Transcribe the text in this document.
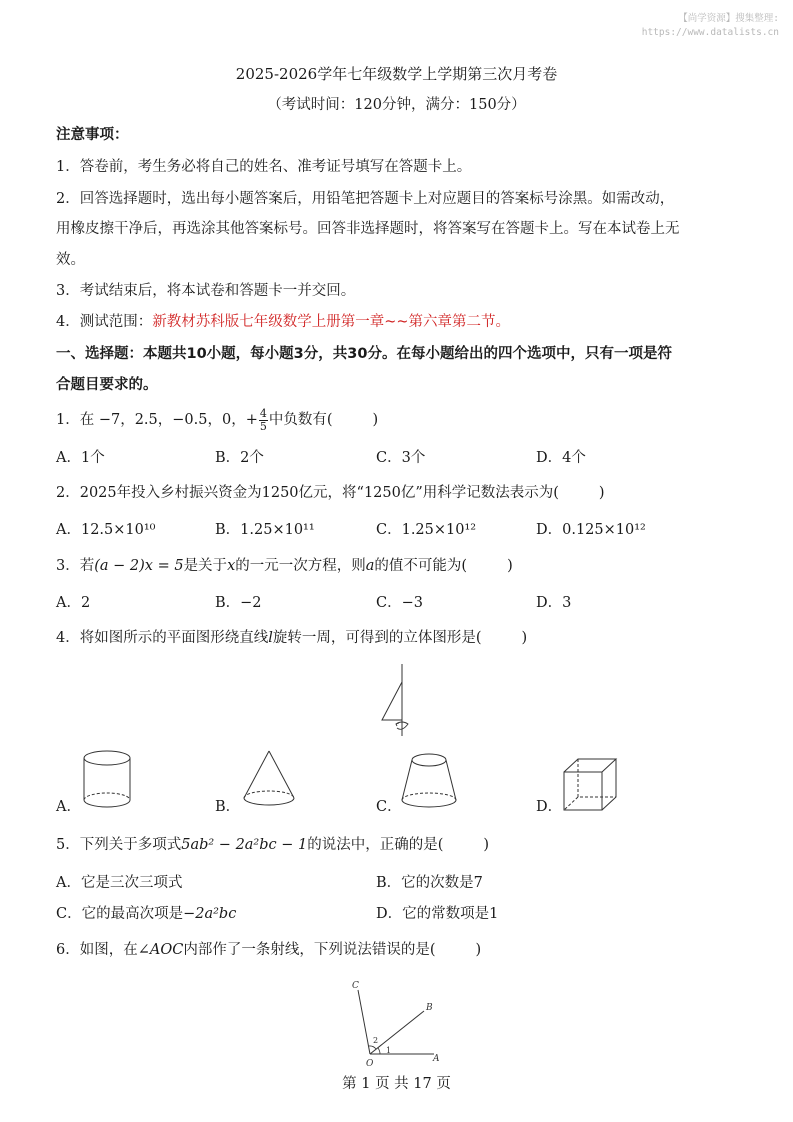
【尚学资源】搜集整理:
https://www.datalists.cn
2025-2026学年七年级数学上学期第三次月考卷
（考试时间：120分钟，满分：150分）
注意事项：
1．答卷前，考生务必将自己的姓名、准考证号填写在答题卡上。
2．回答选择题时，选出每小题答案后，用铅笔把答题卡上对应题目的答案标号涂黑。如需改动，
用橡皮擦干净后，再选涂其他答案标号。回答非选择题时，将答案写在答题卡上。写在本试卷上无
效。
3．考试结束后，将本试卷和答题卡一并交回。
4．测试范围：新教材苏科版七年级数学上册第一章~~第六章第二节。
一、选择题：本题共10小题，每小题3分，共30分。在每小题给出的四个选项中，只有一项是符
合题目要求的。
1．在 −7，2.5，−0.5，0，+ $\frac{4}{5}$ 中负数有(	)
A．1个	B．2个	C．3个	D．4个
2．2025年投入乡村振兴资金为1250亿元，将“1250亿”用科学记数法表示为(	)
A．12.5×10¹⁰	B．1.25×10¹¹	C．1.25×10¹²	D．0.125×10¹²
3．若(a − 2)x = 5是关于x的一元一次方程，则a的值不可能为(	)
A．2	B．−2	C．−3	D．3
4．将如图所示的平面图形绕直线l旋转一周，可得到的立体图形是(	)
A．	B．	C．	D．
5．下列关于多项式5ab² − 2a²bc − 1的说法中，正确的是(	)
A．它是三次三项式	B．它的次数是7
C．它的最高次项是−2a²bc	D．它的常数项是1
6．如图，在∠AOC内部作了一条射线，下列说法错误的是(	)
C
B
O	A
1
2
第 1 页 共 17 页
